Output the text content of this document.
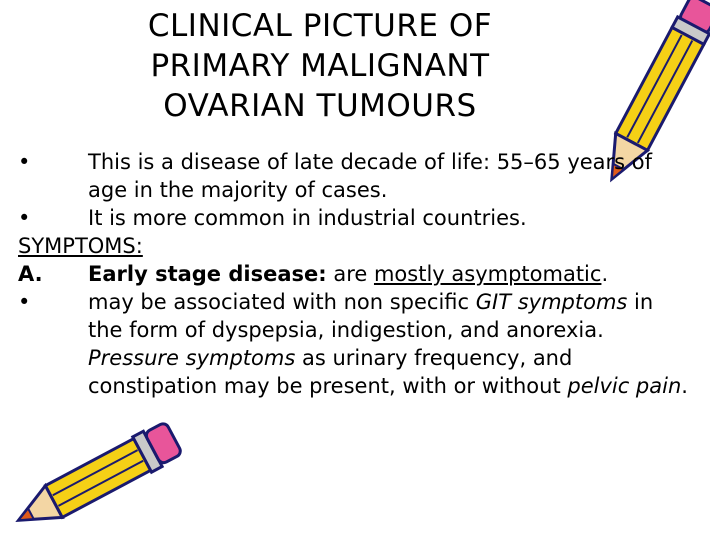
CLINICAL PICTURE OF
PRIMARY MALIGNANT
OVARIAN TUMOURS
•	This is a disease of late decade of life: 55–65 years of age in the majority of cases.
•	It is more common in industrial countries.
SYMPTOMS:
A. Early stage disease: are mostly asymptomatic.
•	may be associated with non specific GIT symptoms in the form of dyspepsia, indigestion, and anorexia. Pressure symptoms as urinary frequency, and constipation may be present, with or without pelvic pain.
